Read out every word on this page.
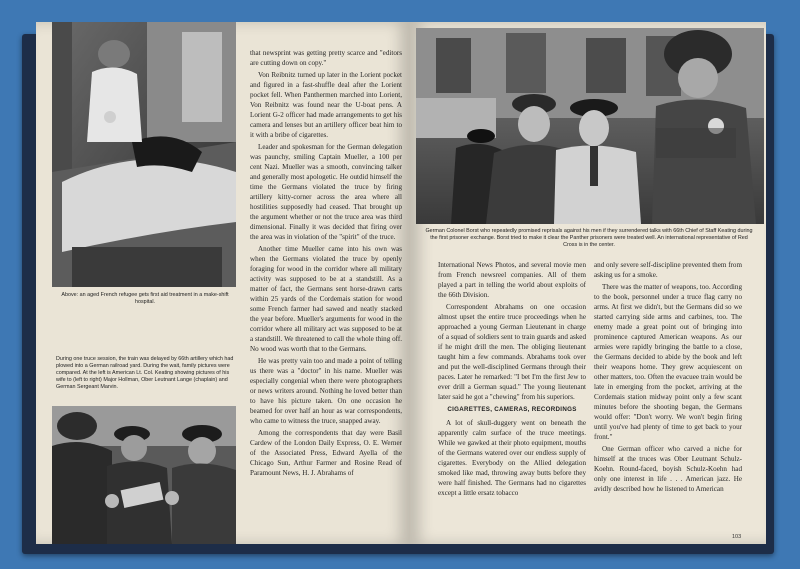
Above: an aged French refugee gets first aid treatment in a make-shift hospital.

During one truce session, the train was delayed by 66th artillery which had plowed into a German railroad yard. During the wait, family pictures were compared. At the left is American Lt. Col. Keating showing pictures of his wife to (left to right) Major Hollman, Ober Leutnant Lange (chaplain) and German Sergeant Marvin.

that newsprint was getting pretty scarce and "editors are cutting down on copy."

Von Reibnitz turned up later in the Lorient pocket and figured in a fast-shuffle deal after the Lorient pocket fell. When Panthermen marched into Lorient, Von Reibnitz was found near the U-boat pens. A Lorient G-2 officer had made arrangements to get his camera and lenses but an artillery officer beat him to it with a bribe of cigarettes.

Leader and spokesman for the German delegation was paunchy, smiling Captain Mueller, a 100 per cent Nazi. Mueller was a smooth, convincing talker and generally most apologetic. He outdid himself the time the Germans violated the truce by firing artillery kitty-corner across the area where all hostilities supposedly had ceased. That brought up the argument whether or not the truce area was third dimensional. Finally it was decided that firing over the area was in violation of the "spirit" of the truce.

Another time Mueller came into his own was when the Germans violated the truce by openly foraging for wood in the corridor where all military activity was supposed to be at a standstill. As a matter of fact, the Germans sent horse-drawn carts within 25 yards of the Cordemais station for wood some French farmer had sawed and neatly stacked the year before. Mueller's arguments for wood in the corridor where all military act was supposed to be at a standstill. We threatened to call the whole thing off. No wood was worth that to the Germans.

He was pretty vain too and made a point of telling us there was a "doctor" in his name. Mueller was especially congenial when there were photographers or news writers around. Nothing he loved better than to have his picture taken. On one occasion he beamed for over half an hour as war correspondents, who came to witness the truce, snapped away.

Among the correspondents that day were Basil Cardew of the London Daily Express, O. E. Werner of the Associated Press, Edward Ayella of the Chicago Sun, Arthur Farmer and Rosine Read of Paramount News, H. J. Abrahams of

German Colonel Borst who repeatedly promised reprisals against his men if they surrendered talks with 66th Chief of Staff Keating during the first prisoner exchange. Borst tried to make it clear the Panther prisoners were treated well. An international representative of Red Cross is in the center.

International News Photos, and several movie men from French newsreel companies. All of them played a part in telling the world about exploits of the 66th Division.

Correspondent Abrahams on one occasion almost upset the entire truce proceedings when he approached a young German Lieutenant in charge of a squad of soldiers sent to train guards and asked if he might drill the men. The obliging lieutenant taught him a few commands. Abrahams took over and put the well-disciplined Germans through their paces. Later he remarked: "I bet I'm the first Jew to ever drill a German squad." The young lieutenant later said he got a "chewing" from his superiors.

CIGARETTES, CAMERAS, RECORDINGS

A lot of skull-duggery went on beneath the apparently calm surface of the truce meetings. While we gawked at their photo equipment, mouths of the Germans watered over our endless supply of cigarettes. Everybody on the Allied delegation smoked like mad, throwing away butts before they were half finished. The Germans had no cigarettes except a little ersatz tobacco

and only severe self-discipline prevented them from asking us for a smoke.

There was the matter of weapons, too. According to the book, personnel under a truce flag carry no arms. At first we didn't, but the Germans did so we started carrying side arms and carbines, too. The enemy made a great point out of bringing into prominence captured American weapons. As our armies were rapidly bringing the battle to a close, the Germans decided to abide by the book and left their weapons home. They grew acquiescent on other matters, too. Often the evacuee train would be late in emerging from the pocket, arriving at the Cordemais station midway point only a few scant minutes before the shooting began, the Germans would offer: "Don't worry. We won't begin firing until you've had plenty of time to get back to your front."

One German officer who carved a niche for himself at the truces was Ober Leutnant Schulz-Koehn. Round-faced, boyish Schulz-Koehn had only one interest in life . . . American jazz. He avidly described how he listened to American

103
